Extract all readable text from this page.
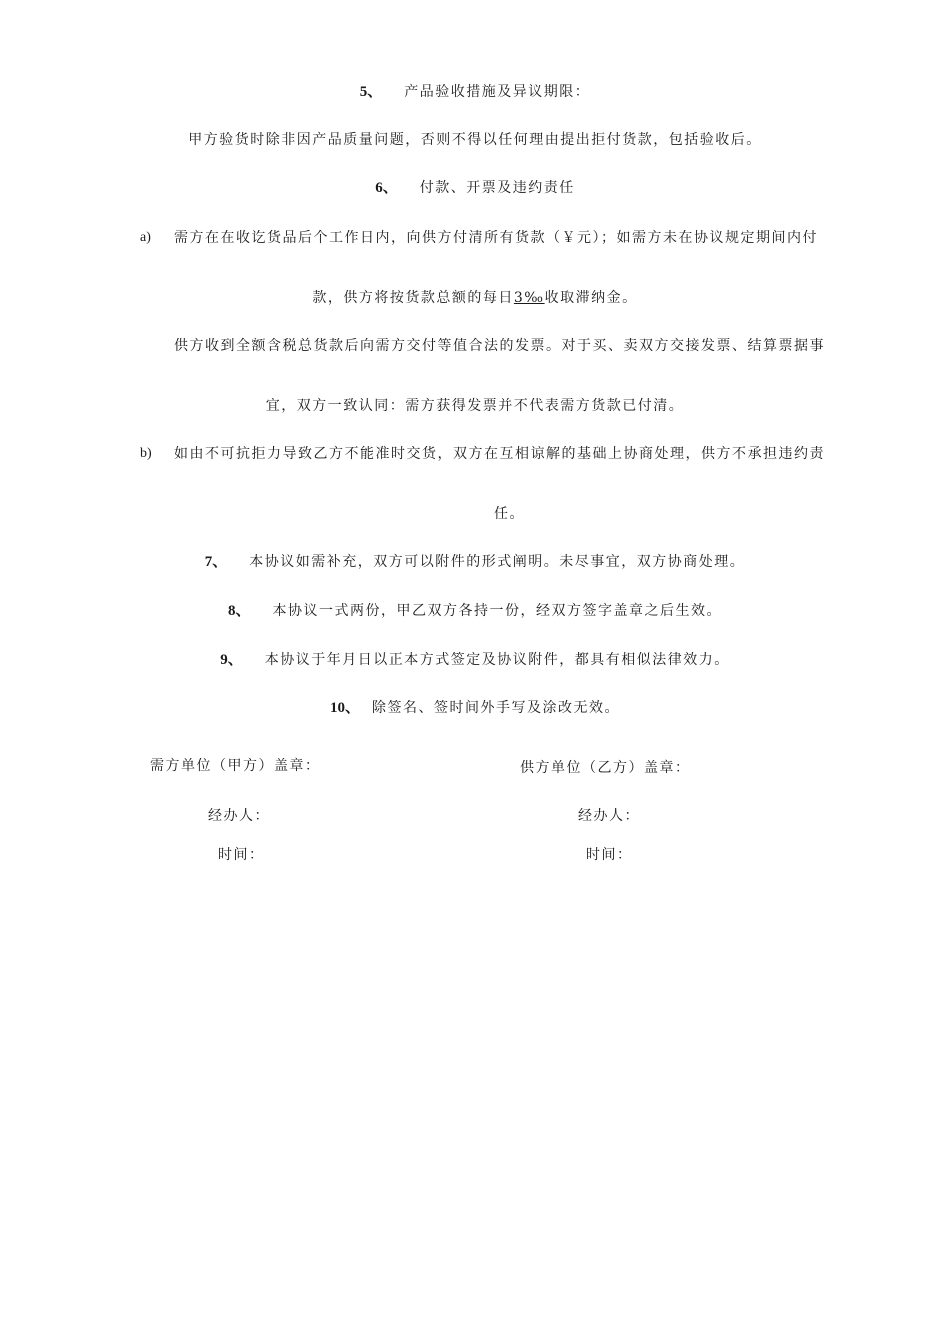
5、 产品验收措施及异议期限：
甲方验货时除非因产品质量问题，否则不得以任何理由提出拒付货款，包括验收后。
6、 付款、开票及违约责任
a) 需方在在收讫货品后个工作日内，向供方付清所有货款（￥元）；如需方未在协议规定期间内付
款，供方将按货款总额的每日3‰收取滞纳金。
供方收到全额含税总货款后向需方交付等值合法的发票。对于买、卖双方交接发票、结算票据事
宜，双方一致认同：需方获得发票并不代表需方货款已付清。
b) 如由不可抗拒力导致乙方不能准时交货，双方在互相谅解的基础上协商处理，供方不承担违约责
任。
7、 本协议如需补充，双方可以附件的形式阐明。未尽事宜，双方协商处理。
8、 本协议一式两份，甲乙双方各持一份，经双方签字盖章之后生效。
9、 本协议于年月日以正本方式签定及协议附件，都具有相似法律效力。
10、 除签名、签时间外手写及涂改无效。
需方单位（甲方）盖章：	供方单位（乙方）盖章：
经办人：	经办人：
时间：	时间：
